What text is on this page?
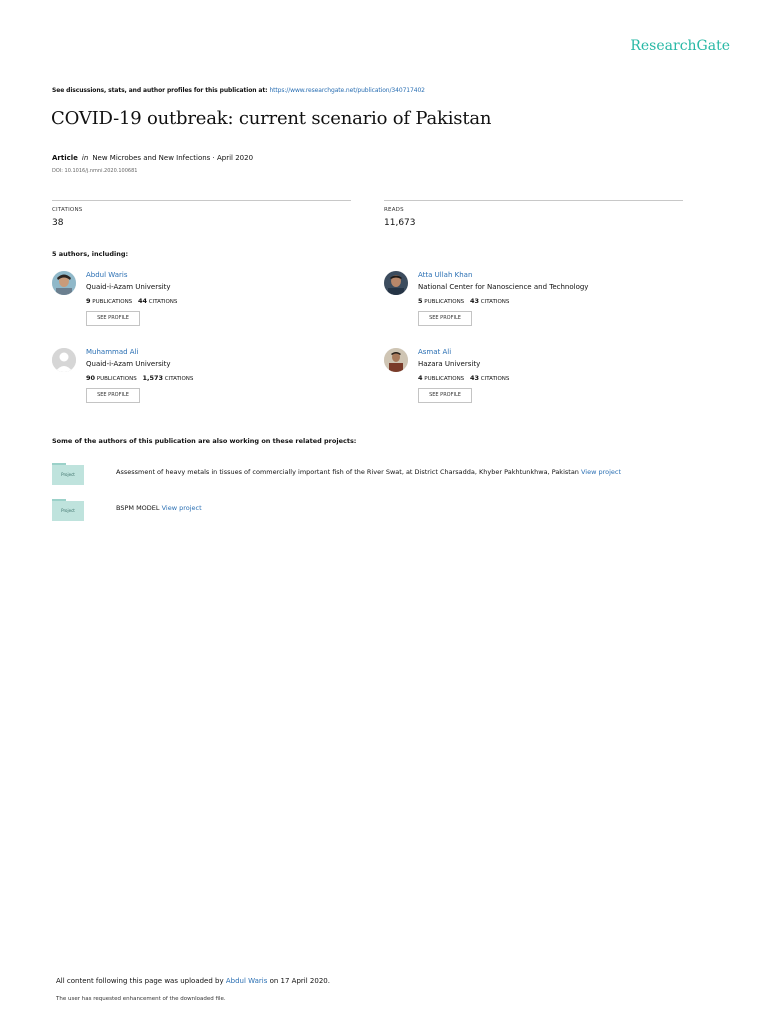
ResearchGate
See discussions, stats, and author profiles for this publication at: https://www.researchgate.net/publication/340717402
COVID-19 outbreak: current scenario of Pakistan
Article in New Microbes and New Infections · April 2020
DOI: 10.1016/j.nmni.2020.100681
CITATIONS
38
READS
11,673
5 authors, including:
Abdul Waris
Quaid-i-Azam University
9 PUBLICATIONS 44 CITATIONS
SEE PROFILE
Atta Ullah Khan
National Center for Nanoscience and Technology
5 PUBLICATIONS 43 CITATIONS
SEE PROFILE
Muhammad Ali
Quaid-i-Azam University
90 PUBLICATIONS 1,573 CITATIONS
SEE PROFILE
Asmat Ali
Hazara University
4 PUBLICATIONS 43 CITATIONS
SEE PROFILE
Some of the authors of this publication are also working on these related projects:
Project	Assessment of heavy metals in tissues of commercially important fish of the River Swat, at District Charsadda, Khyber Pakhtunkhwa, Pakistan View project
Project	BSPM MODEL View project
All content following this page was uploaded by Abdul Waris on 17 April 2020.
The user has requested enhancement of the downloaded file.
